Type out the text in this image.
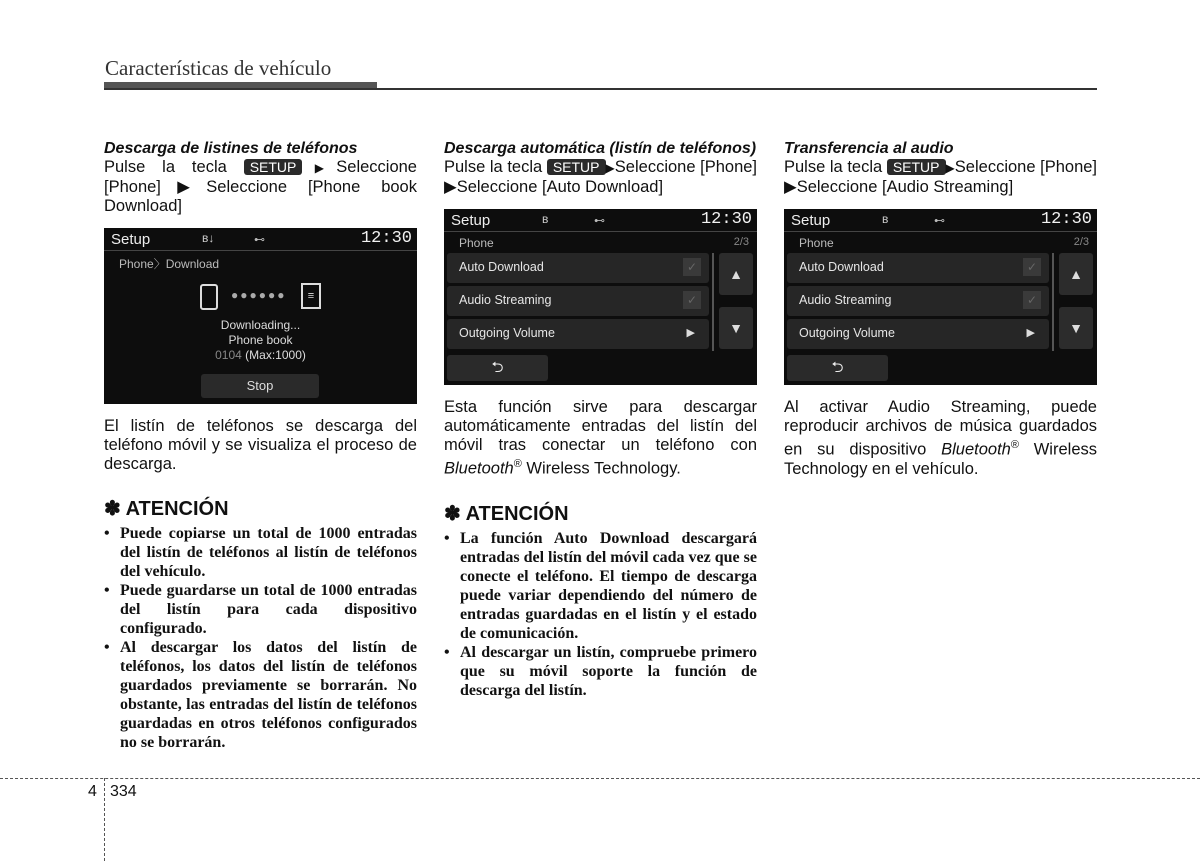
Características de vehículo
Descarga de listines de teléfonos
Pulse la tecla SETUP ▶Seleccione [Phone]▶Seleccione [Phone book Download]
Setup	ʙ↓	⊷	12:30
Phone〉Download
●●●●●●	≡
Downloading...
Phone book
0104 (Max:1000)
Stop
El listín de teléfonos se descarga del teléfono móvil y se visualiza el proceso de descarga.
✽ ATENCIÓN
• Puede copiarse un total de 1000 entradas del listín de teléfonos al listín de teléfonos del vehículo.
• Puede guardarse un total de 1000 entradas del listín para cada dispositivo configurado.
• Al descargar los datos del listín de teléfonos, los datos del listín de teléfonos guardados previamente se borrarán. No obstante, las entradas del listín de teléfonos guardadas en otros teléfonos configurados no se borrarán.
Descarga automática (listín de teléfonos)
Pulse la tecla SETUP ▶Seleccione [Phone] ▶Seleccione [Auto Download]
Setup	ʙ	⊷	12:30
Phone	2/3
Auto Download	✓
Audio Streaming	✓
Outgoing Volume	▶
▲
▼
⮌
Esta función sirve para descargar automáticamente entradas del listín del móvil tras conectar un teléfono con Bluetooth® Wireless Technology.
✽ ATENCIÓN
• La función Auto Download descargará entradas del listín del móvil cada vez que se conecte el teléfono. El tiempo de descarga puede variar dependiendo del número de entradas guardadas en el listín y el estado de comunicación.
• Al descargar un listín, compruebe primero que su móvil soporte la función de descarga del listín.
Transferencia al audio
Pulse la tecla SETUP ▶Seleccione [Phone] ▶Seleccione [Audio Streaming]
Setup	ʙ	⊷	12:30
Phone	2/3
Auto Download	✓
Audio Streaming	✓
Outgoing Volume	▶
▲
▼
⮌
Al activar Audio Streaming, puede reproducir archivos de música guardados en su dispositivo Bluetooth® Wireless Technology en el vehículo.
4 334
